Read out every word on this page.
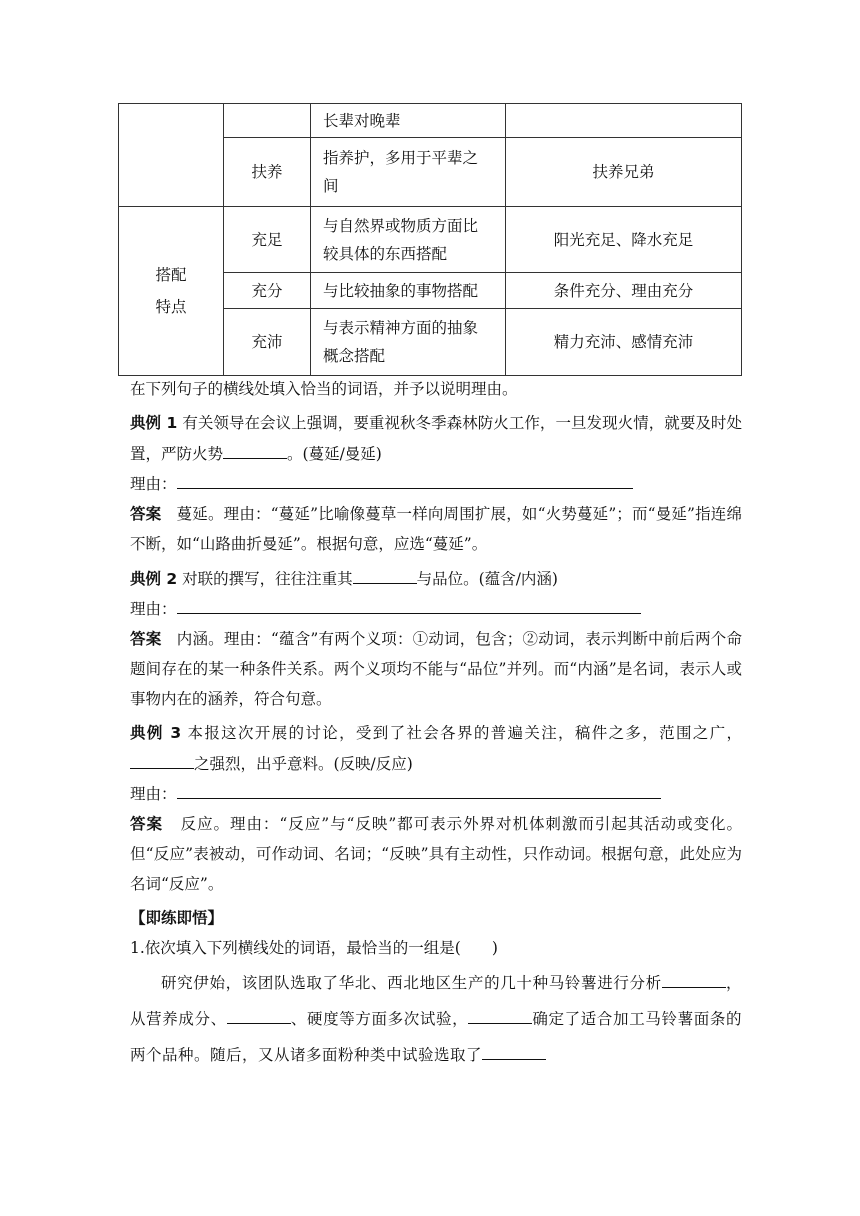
		长辈对晚辈	
	扶养	指养护，多用于平辈之间	扶养兄弟

搭配特点	充足	与自然界或物质方面比较具体的东西搭配	阳光充足、降水充足
	充分	与比较抽象的事物搭配	条件充分、理由充分
	充沛	与表示精神方面的抽象概念搭配	精力充沛、感情充沛

在下列句子的横线处填入恰当的词语，并予以说明理由。

典例 1 有关领导在会议上强调，要重视秋冬季森林防火工作，一旦发现火情，就要及时处置，严防火势	。(蔓延/曼延)

理由：

答案 蔓延。理由：“蔓延”比喻像蔓草一样向周围扩展，如“火势蔓延”；而“曼延”指连绵不断，如“山路曲折曼延”。根据句意，应选“蔓延”。

典例 2 对联的撰写，往往注重其	与品位。(蕴含/内涵)

理由：

答案 内涵。理由：“蕴含”有两个义项：①动词，包含；②动词，表示判断中前后两个命题间存在的某一种条件关系。两个义项均不能与“品位”并列。而“内涵”是名词，表示人或事物内在的涵养，符合句意。

典例 3 本报这次开展的讨论，受到了社会各界的普遍关注，稿件之多，范围之广，之强烈，出乎意料。(反映/反应)

理由：

答案 反应。理由：“反应”与“反映”都可表示外界对机体刺激而引起其活动或变化。但“反应”表被动，可作动词、名词；“反映”具有主动性，只作动词。根据句意，此处应为名词“反应”。

【即练即悟】

1.依次填入下列横线处的词语，最恰当的一组是(　　)

研究伊始，该团队选取了华北、西北地区生产的几十种马铃薯进行分析	，从营养成分、	、硬度等方面多次试验，	确定了适合加工马铃薯面条的两个品种。随后，又从诸多面粉种类中试验选取了
